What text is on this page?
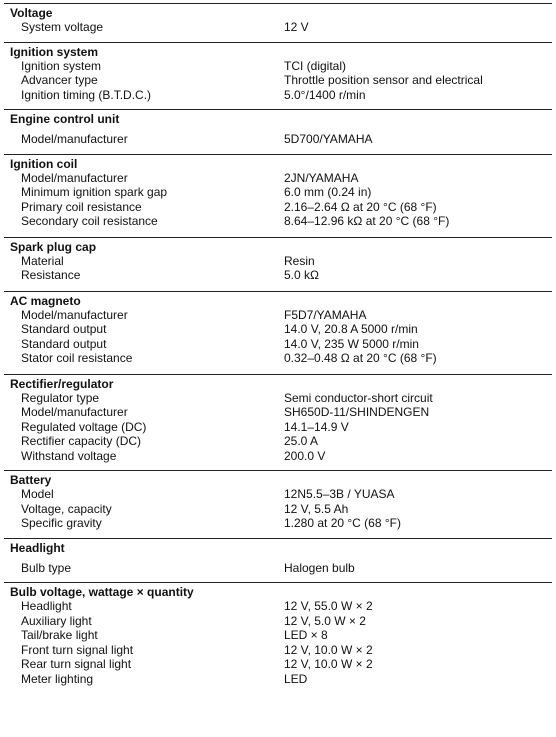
Voltage
System voltage	12 V
Ignition system
Ignition system	TCI (digital)
Advancer type	Throttle position sensor and electrical
Ignition timing (B.T.D.C.)	5.0°/1400 r/min
Engine control unit
Model/manufacturer	5D700/YAMAHA
Ignition coil
Model/manufacturer	2JN/YAMAHA
Minimum ignition spark gap	6.0 mm (0.24 in)
Primary coil resistance	2.16–2.64 Ω at 20 °C (68 °F)
Secondary coil resistance	8.64–12.96 kΩ at 20 °C (68 °F)
Spark plug cap
Material	Resin
Resistance	5.0 kΩ
AC magneto
Model/manufacturer	F5D7/YAMAHA
Standard output	14.0 V, 20.8 A 5000 r/min
Standard output	14.0 V, 235 W 5000 r/min
Stator coil resistance	0.32–0.48 Ω at 20 °C (68 °F)
Rectifier/regulator
Regulator type	Semi conductor-short circuit
Model/manufacturer	SH650D-11/SHINDENGEN
Regulated voltage (DC)	14.1–14.9 V
Rectifier capacity (DC)	25.0 A
Withstand voltage	200.0 V
Battery
Model	12N5.5–3B / YUASA
Voltage, capacity	12 V, 5.5 Ah
Specific gravity	1.280 at 20 °C (68 °F)
Headlight
Bulb type	Halogen bulb
Bulb voltage, wattage × quantity
Headlight	12 V, 55.0 W × 2
Auxiliary light	12 V, 5.0 W × 2
Tail/brake light	LED × 8
Front turn signal light	12 V, 10.0 W × 2
Rear turn signal light	12 V, 10.0 W × 2
Meter lighting	LED
